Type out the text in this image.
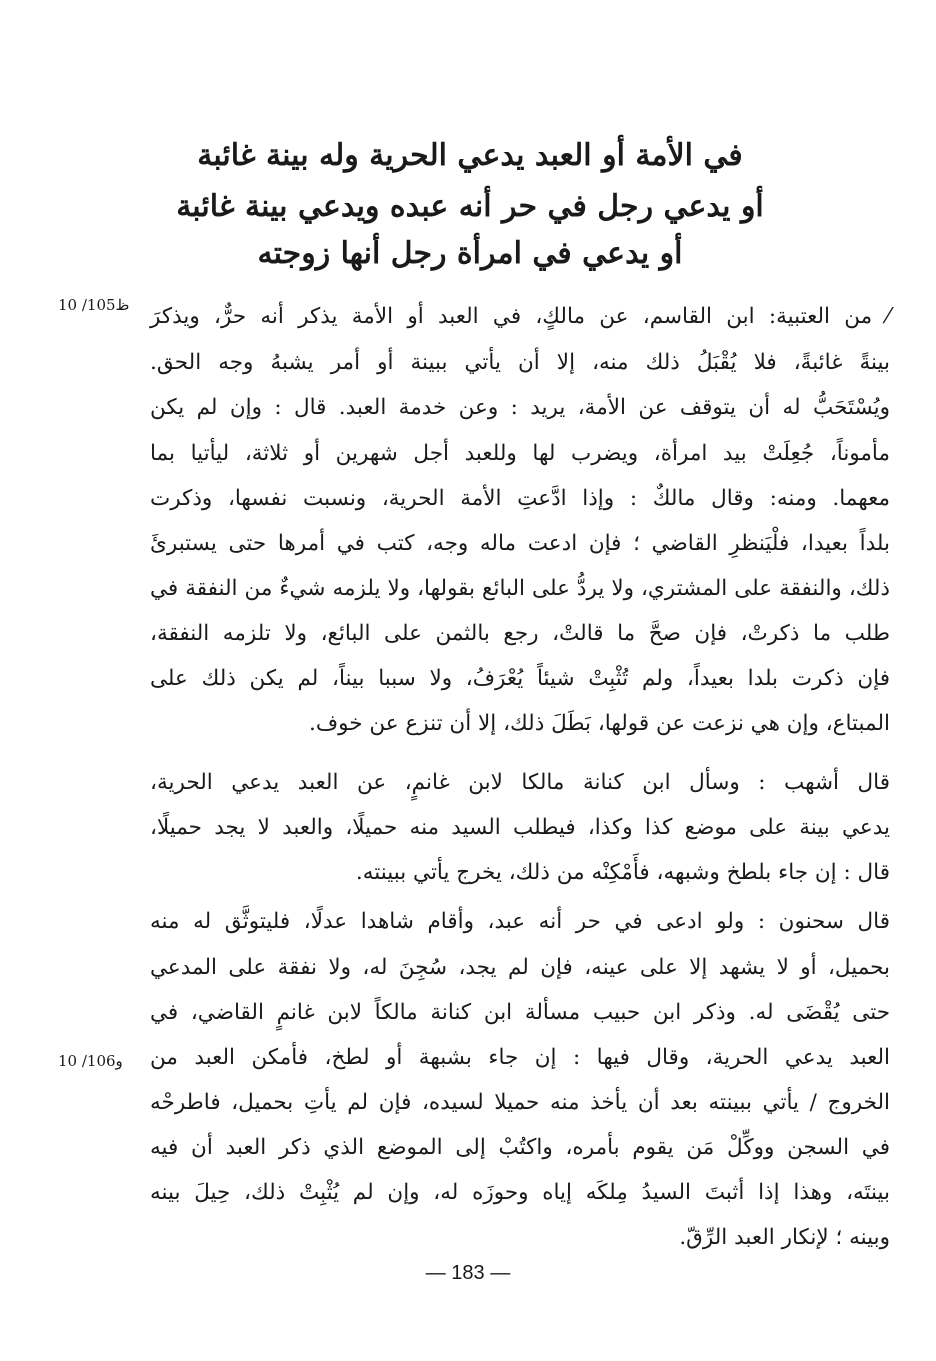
في الأمة أو العبد يدعي الحرية وله بينة غائبة
أو يدعي رجل في حر أنه عبده ويدعي بينة غائبة
أو يدعي في امرأة رجل أنها زوجته
10 /105ظ
10 /106و
⁄ من العتبية: ابن القاسم، عن مالكٍ، في العبد أو الأمة يذكر أنه حرٌّ، ويذكرَ
بينةً غائبةً، فلا يُقْبَلُ ذلك منه، إلا أن يأتي ببينة أو أمر يشبهُ وجه الحق.
ويُسْتَحَبُّ له أن يتوقف عن الأمة، يريد : وعن خدمة العبد. قال : وإن لم يكن
مأموناً، جُعِلَتْ بيد امرأة، ويضرب لها وللعبد أجل شهرين أو ثلاثة، ليأتيا بما
معهما. ومنه: وقال مالكٌ : وإذا ادَّعتِ الأمة الحرية، ونسبت نفسها، وذكرت
بلداً بعيدا، فلْيَنظرِ القاضي ؛ فإن ادعت ماله وجه، كتب في أمرها حتى يستبرئَ
ذلك، والنفقة على المشتري، ولا يردُّ على البائع بقولها، ولا يلزمه شيءٌ من النفقة في
طلب ما ذكرتْ، فإن صحَّ ما قالتْ، رجع بالثمن على البائع، ولا تلزمه النفقة،
فإن ذكرت بلدا بعيداً، ولم تُثْبِتْ شيئاً يُعْرَفُ، ولا سببا بيناً، لم يكن ذلك على
المبتاع، وإن هي نزعت عن قولها، بَطَلَ ذلك، إلا أن تنزع عن خوف.
قال أشهب : وسأل ابن كنانة مالكا لابن غانمٍ، عن العبد يدعي الحرية،
يدعي بينة على موضع كذا وكذا، فيطلب السيد منه حميلًا، والعبد لا يجد حميلًا،
قال : إن جاء بلطخ وشبهه، فأَمْكِنْه من ذلك، يخرج يأتي ببينته.
قال سحنون : ولو ادعى في حر أنه عبد، وأقام شاهدا عدلًا، فليتوثَّق له منه
بحميل، أو لا يشهد إلا على عينه، فإن لم يجد، سُجِنَ له، ولا نفقة على المدعي
حتى يُقْضَى له. وذكر ابن حبيب مسألة ابن كنانة مالكاً لابن غانمٍ القاضي، في
العبد يدعي الحرية، وقال فيها : إن جاء بشبهة أو لطخ، فأمكن العبد من
الخروج / يأتي ببينته بعد أن يأخذ منه حميلا لسيده، فإن لم يأتِ بحميل، فاطرحْه
في السجن ووكِّلْ مَن يقوم بأمره، واكتُبْ إلى الموضع الذي ذكر العبد أن فيه
بينتَه، وهذا إذا أثبتَ السيدُ مِلكَه إياه وحوزَه له، وإن لم يُثْبِتْ ذلك، حِيلَ بينه
وبينه ؛ لإنكار العبد الرِّقّ.
— 183 —
